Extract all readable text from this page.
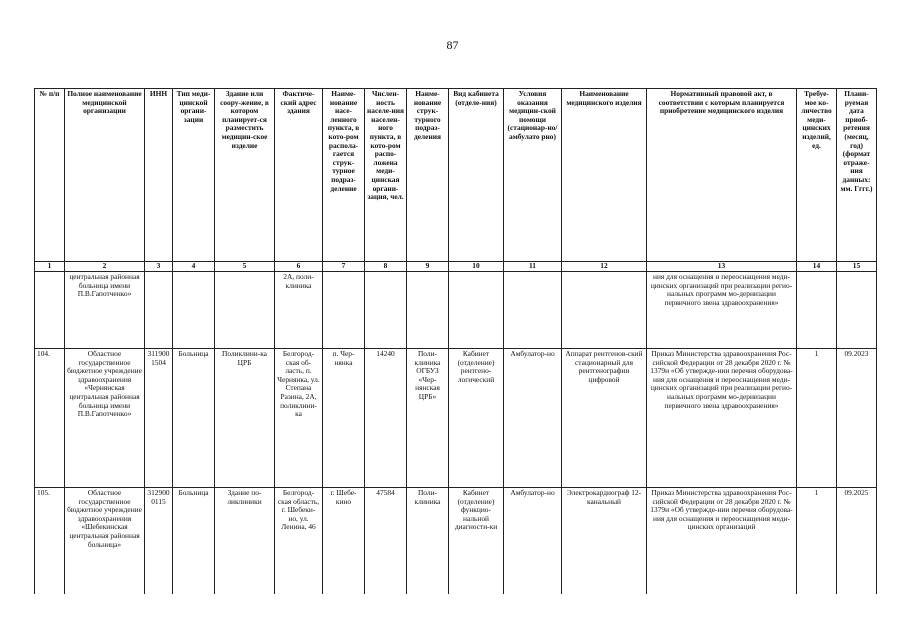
87
№ п/п	Полное наименование медицинской организации	ИНН	Тип меди-цинской органи-зации	Здание или соору-жение, в котором планирует-ся разместить медицин-ское изделие	Фактиче-ский адрес здания	Наиме-нование насе-ленного пункта, в кото-ром распола-гается струк-турное подраз-деление	Числен-ность населе-ния населен-ного пункта, в кото-ром распо-ложена меди-цинская органи-зация, чел.	Наиме-нование струк-турного подраз-деления	Вид кабинета (отделе-ния)	Условия оказания медицин-ской помощи (стационар-но/амбулато рно)	Наименование медицинского изделия	Нормативный правовой акт, в соответствии с которым планируется приобретение медицинского изделия	Требуе-мое ко-личество меди-цинских изделий, ед.	Плани-руемая дата приоб-ретения (месяц, год) (формат отраже-ния данных: мм. Гггг.)
1	2	3	4	5	6	7	8	9	10	11	12	13	14	15
	центральная районная больница имени П.В.Гапотченко»				2А, поли-клиника							ния для оснащения и переоснащения меди-цинских организаций при реализации регио-нальных программ мо-дернизации первичного звена здравоохранения»		
104.	Областное государственное бюджетное учреждение здравоохранения «Чернянская центральная районная больница имени П.В.Гапотченко»	3119001504	Больница	Поликлини-ка ЦРБ	Белгород-ская об-ласть, п. Чернянка, ул. Степана Разина, 2А, поликлини-ка	п. Чер-нянка	14240	Поли-клиника ОГБУЗ «Чер-нянская ЦРБ»	Кабинет (отделение) рентгено-логический	Амбулатор-но	Аппарат рентгенов-ский стационарный для рентгенографии цифровой	Приказ Министерства здравоохранения Рос-сийской Федерации от 28 декабря 2020 г. № 1379н «Об утвержде-нии перечня оборудова-ния для оснащения и переоснащения меди-цинских организаций при реализации регио-нальных программ мо-дернизации первичного звена здравоохранения»	1	09.2023
105.	Областное государственное бюджетное учреждение здравоохранения «Шебекинская центральная районная больница»	3129000115	Больница	Здание по-ликлиники	Белгород-ская область, г. Шебеки-но, ул. Ленина, 46	г. Шебе-кино	47584	Поли-клиника	Кабинет (отделение) функцио-нальной диагности-ки	Амбулатор-но	Электрокардиограф 12-канальный	Приказ Министерства здравоохранения Рос-сийской Федерации от 28 декабря 2020 г. № 1379н «Об утвержде-нии перечня оборудова-ния для оснащения и переоснащения меди-цинских организаций	1	09.2025
